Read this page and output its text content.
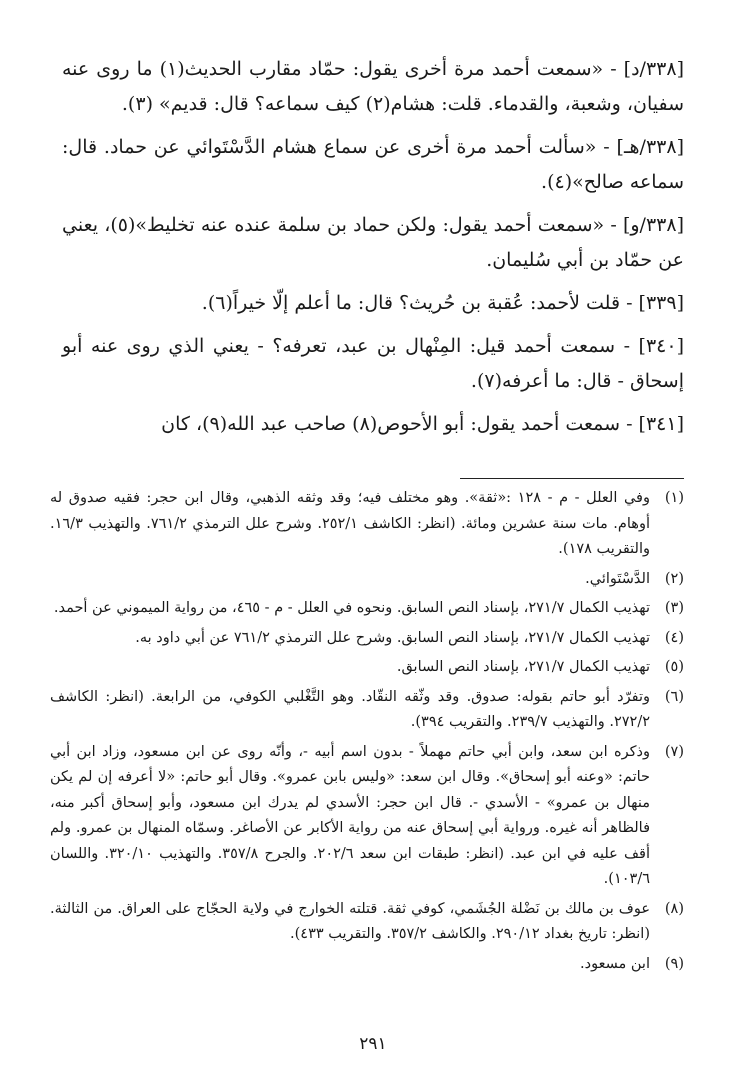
[٣٣٨/د] - «سمعت أحمد مرة أخرى يقول: حمّاد مقارب الحديث(١) ما روى عنه سفيان، وشعبة، والقدماء. قلت: هشام(٢) كيف سماعه؟ قال: قديم» (٣).

[٣٣٨/هـ] - «سألت أحمد مرة أخرى عن سماع هشام الدَّسْتَوائي عن حماد. قال: سماعه صالح»(٤).

[٣٣٨/و] - «سمعت أحمد يقول: ولكن حماد بن سلمة عنده عنه تخليط»(٥)، يعني عن حمّاد بن أبي سُليمان.

[٣٣٩] - قلت لأحمد: عُقبة بن حُريث؟ قال: ما أعلم إلّا خيراً(٦).

[٣٤٠] - سمعت أحمد قيل: المِنْهال بن عبد، تعرفه؟ - يعني الذي روى عنه أبو إسحاق - قال: ما أعرفه(٧).

[٣٤١] - سمعت أحمد يقول: أبو الأحوص(٨) صاحب عبد الله(٩)، كان

(١)
وفي العلل - م - ١٢٨ :«ثقة». وهو مختلف فيه؛ وقد وثقه الذهبي، وقال ابن حجر: فقيه صدوق له أوهام. مات سنة عشرين ومائة. (انظر: الكاشف ٢٥٢/١. وشرح علل الترمذي ٧٦١/٢. والتهذيب ١٦/٣. والتقريب ١٧٨).
(٢)
الدَّسْتَوائي.
(٣)
تهذيب الكمال ٢٧١/٧، بإسناد النص السابق. ونحوه في العلل - م - ٤٦٥، من رواية الميموني عن أحمد.
(٤)
تهذيب الكمال ٢٧١/٧، بإسناد النص السابق. وشرح علل الترمذي ٧٦١/٢ عن أبي داود به.
(٥)
تهذيب الكمال ٢٧١/٧، بإسناد النص السابق.
(٦)
وتفرّد أبو حاتم بقوله: صدوق. وقد وثّقه النقّاد. وهو التَّغْلبي الكوفي، من الرابعة. (انظر: الكاشف ٢٧٢/٢. والتهذيب ٢٣٩/٧. والتقريب ٣٩٤).
(٧)
وذكره ابن سعد، وابن أبي حاتم مهملاً - بدون اسم أبيه -، وأنّه روى عن ابن مسعود، وزاد ابن أبي حاتم: «وعنه أبو إسحاق». وقال ابن سعد: «وليس بابن عمرو». وقال أبو حاتم: «لا أعرفه إن لم يكن منهال بن عمرو» - الأسدي -. قال ابن حجر: الأسدي لم يدرك ابن مسعود، وأبو إسحاق أكبر منه، فالظاهر أنه غيره. ورواية أبي إسحاق عنه من رواية الأكابر عن الأصاغر. وسمّاه المنهال بن عمرو. ولم أقف عليه في ابن عبد. (انظر: طبقات ابن سعد ٢٠٢/٦. والجرح ٣٥٧/٨. والتهذيب ٣٢٠/١٠. واللسان ١٠٣/٦).
(٨)
عوف بن مالك بن نَضْلة الجُشَمي، كوفي ثقة. قتلته الخوارج في ولاية الحجّاج على العراق. من الثالثة. (انظر: تاريخ بغداد ٢٩٠/١٢. والكاشف ٣٥٧/٢. والتقريب ٤٣٣).
(٩)
ابن مسعود.
٢٩١
